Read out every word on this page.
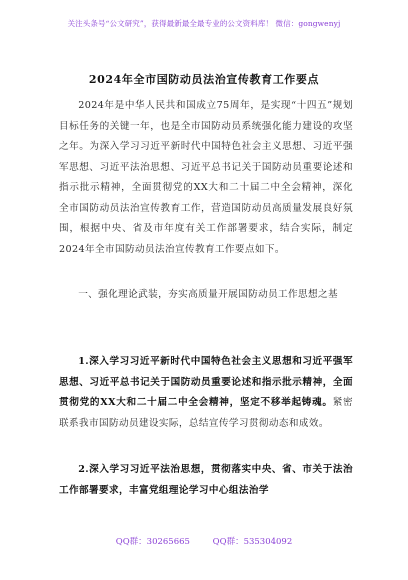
关注头条号“公文研究”，获得最新最全最专业的公文资料库！ 微信：gongwenyj
2024年全市国防动员法治宣传教育工作要点
2024年是中华人民共和国成立75周年，是实现“十四五”规划目标任务的关键一年，也是全市国防动员系统强化能力建设的攻坚之年。为深入学习习近平新时代中国特色社会主义思想、习近平强军思想、习近平法治思想、习近平总书记关于国防动员重要论述和指示批示精神，全面贯彻党的XX大和二十届二中全会精神，深化全市国防动员法治宣传教育工作，营造国防动员高质量发展良好氛围，根据中央、省及市年度有关工作部署要求，结合实际，制定2024年全市国防动员法治宣传教育工作要点如下。
一、强化理论武装，夯实高质量开展国防动员工作思想之基
1.深入学习习近平新时代中国特色社会主义思想和习近平强军思想、习近平总书记关于国防动员重要论述和指示批示精神，全面贯彻党的XX大和二十届二中全会精神，坚定不移举起铸魂。紧密联系我市国防动员建设实际，总结宣传学习贯彻动态和成效。
2.深入学习习近平法治思想，贯彻落实中央、省、市关于法治工作部署要求，丰富党组理论学习中心组法治学
QQ群：30265665	QQ群：535304092
